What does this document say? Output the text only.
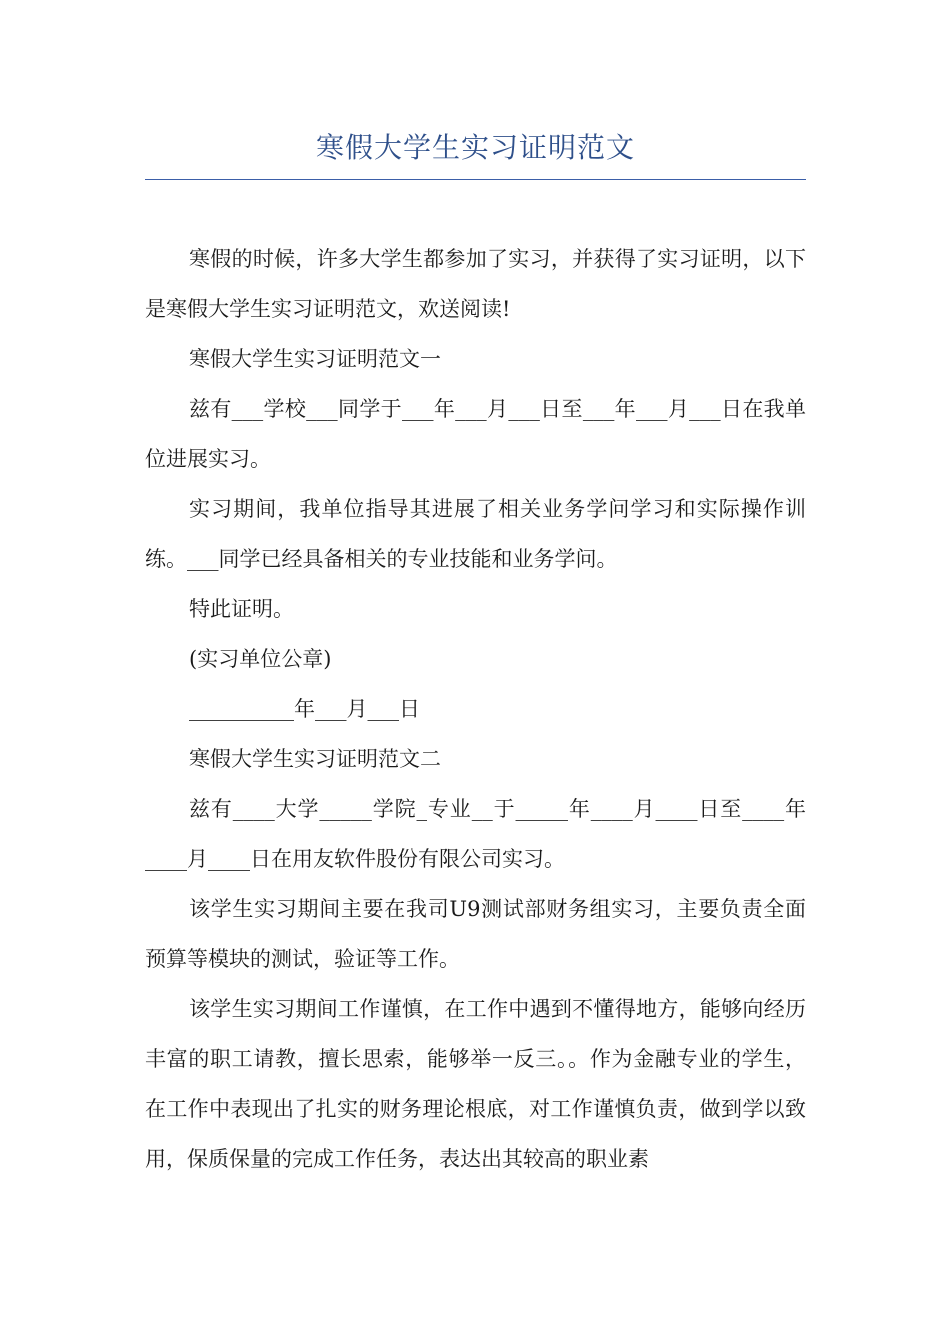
寒假大学生实习证明范文

寒假的时候，许多大学生都参加了实习，并获得了实习证明，以下是寒假大学生实习证明范文，欢送阅读!

寒假大学生实习证明范文一

兹有___学校___同学于___年___月___日至___年___月___日在我单位进展实习。

实习期间，我单位指导其进展了相关业务学问学习和实际操作训练。___同学已经具备相关的专业技能和业务学问。

特此证明。

(实习单位公章)

__________年___月___日

寒假大学生实习证明范文二

兹有____大学_____学院_专业__于_____年____月____日至____年____月____日在用友软件股份有限公司实习。

该学生实习期间主要在我司U9测试部财务组实习，主要负责全面预算等模块的测试，验证等工作。

该学生实习期间工作谨慎，在工作中遇到不懂得地方，能够向经历丰富的职工请教，擅长思索，能够举一反三。。作为金融专业的学生，在工作中表现出了扎实的财务理论根底，对工作谨慎负责，做到学以致用，保质保量的完成工作任务，表达出其较高的职业素
